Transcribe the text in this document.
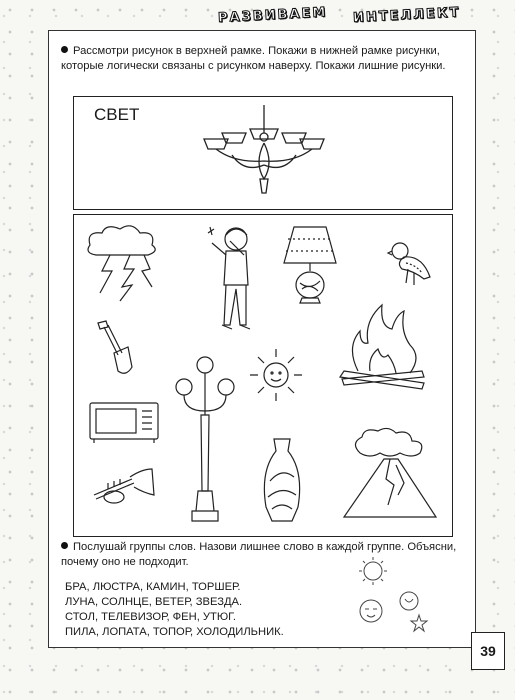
РАЗВИВАЕМ ИНТЕЛЛЕКТ
Рассмотри рисунок в верхней рамке. Покажи в нижней рамке рисунки, которые логически связаны с рисунком наверху. Покажи лишние рисунки.
СВЕТ
Послушай группы слов. Назови лишнее слово в каждой группе. Объясни, почему оно не подходит.
БРА, ЛЮСТРА, КАМИН, ТОРШЕР.
ЛУНА, СОЛНЦЕ, ВЕТЕР, ЗВЕЗДА.
СТОЛ, ТЕЛЕВИЗОР, ФЕН, УТЮГ.
ПИЛА, ЛОПАТА, ТОПОР, ХОЛОДИЛЬНИК.
39
